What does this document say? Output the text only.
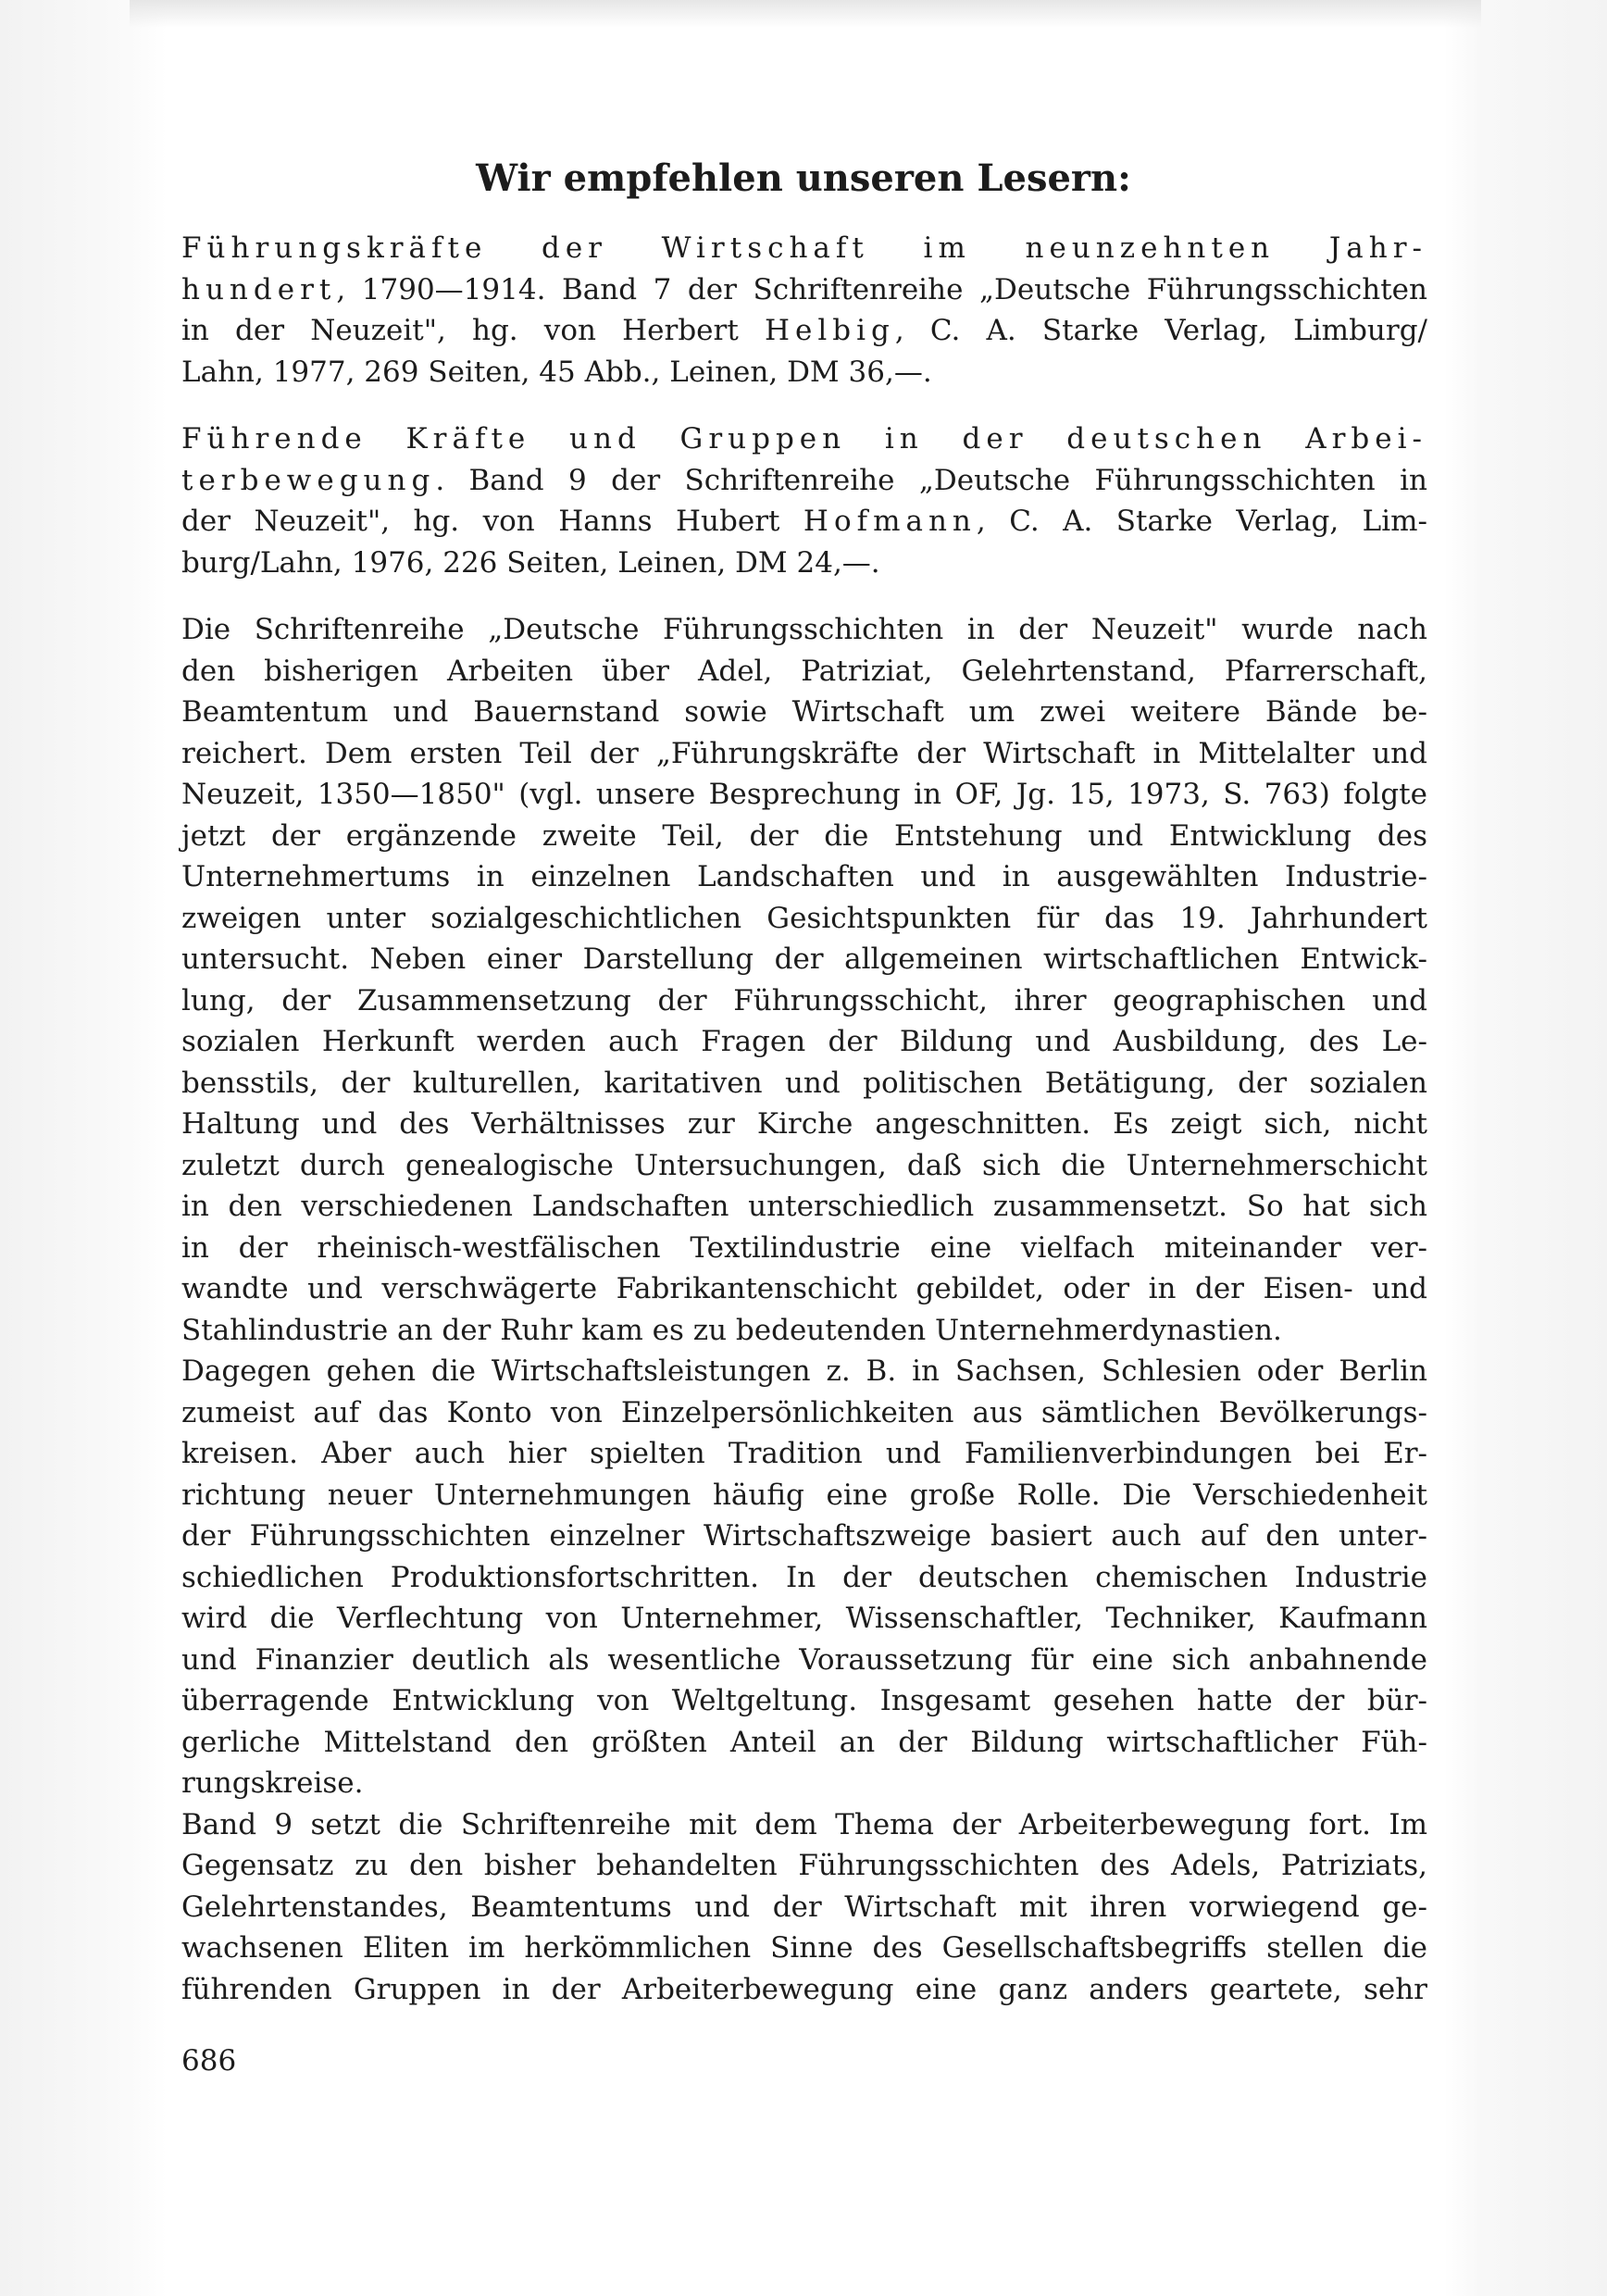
Wir empfehlen unseren Lesern:
Führungskräfte der Wirtschaft im neunzehnten Jahr-
hundert, 1790—1914. Band 7 der Schriftenreihe „Deutsche Führungsschichten
in der Neuzeit", hg. von Herbert Helbig, C. A. Starke Verlag, Limburg/
Lahn, 1977, 269 Seiten, 45 Abb., Leinen, DM 36,—.
Führende Kräfte und Gruppen in der deutschen Arbei-
terbewegung. Band 9 der Schriftenreihe „Deutsche Führungsschichten in
der Neuzeit", hg. von Hanns Hubert Hofmann, C. A. Starke Verlag, Lim-
burg/Lahn, 1976, 226 Seiten, Leinen, DM 24,—.
Die Schriftenreihe „Deutsche Führungsschichten in der Neuzeit" wurde nach
den bisherigen Arbeiten über Adel, Patriziat, Gelehrtenstand, Pfarrerschaft,
Beamtentum und Bauernstand sowie Wirtschaft um zwei weitere Bände be-
reichert. Dem ersten Teil der „Führungskräfte der Wirtschaft in Mittelalter und
Neuzeit, 1350—1850" (vgl. unsere Besprechung in OF, Jg. 15, 1973, S. 763) folgte
jetzt der ergänzende zweite Teil, der die Entstehung und Entwicklung des
Unternehmertums in einzelnen Landschaften und in ausgewählten Industrie-
zweigen unter sozialgeschichtlichen Gesichtspunkten für das 19. Jahrhundert
untersucht. Neben einer Darstellung der allgemeinen wirtschaftlichen Entwick-
lung, der Zusammensetzung der Führungsschicht, ihrer geographischen und
sozialen Herkunft werden auch Fragen der Bildung und Ausbildung, des Le-
bensstils, der kulturellen, karitativen und politischen Betätigung, der sozialen
Haltung und des Verhältnisses zur Kirche angeschnitten. Es zeigt sich, nicht
zuletzt durch genealogische Untersuchungen, daß sich die Unternehmerschicht
in den verschiedenen Landschaften unterschiedlich zusammensetzt. So hat sich
in der rheinisch-westfälischen Textilindustrie eine vielfach miteinander ver-
wandte und verschwägerte Fabrikantenschicht gebildet, oder in der Eisen- und
Stahlindustrie an der Ruhr kam es zu bedeutenden Unternehmerdynastien.
Dagegen gehen die Wirtschaftsleistungen z. B. in Sachsen, Schlesien oder Berlin
zumeist auf das Konto von Einzelpersönlichkeiten aus sämtlichen Bevölkerungs-
kreisen. Aber auch hier spielten Tradition und Familienverbindungen bei Er-
richtung neuer Unternehmungen häufig eine große Rolle. Die Verschiedenheit
der Führungsschichten einzelner Wirtschaftszweige basiert auch auf den unter-
schiedlichen Produktionsfortschritten. In der deutschen chemischen Industrie
wird die Verflechtung von Unternehmer, Wissenschaftler, Techniker, Kaufmann
und Finanzier deutlich als wesentliche Voraussetzung für eine sich anbahnende
überragende Entwicklung von Weltgeltung. Insgesamt gesehen hatte der bür-
gerliche Mittelstand den größten Anteil an der Bildung wirtschaftlicher Füh-
rungskreise.
Band 9 setzt die Schriftenreihe mit dem Thema der Arbeiterbewegung fort. Im
Gegensatz zu den bisher behandelten Führungsschichten des Adels, Patriziats,
Gelehrtenstandes, Beamtentums und der Wirtschaft mit ihren vorwiegend ge-
wachsenen Eliten im herkömmlichen Sinne des Gesellschaftsbegriffs stellen die
führenden Gruppen in der Arbeiterbewegung eine ganz anders geartete, sehr
686
